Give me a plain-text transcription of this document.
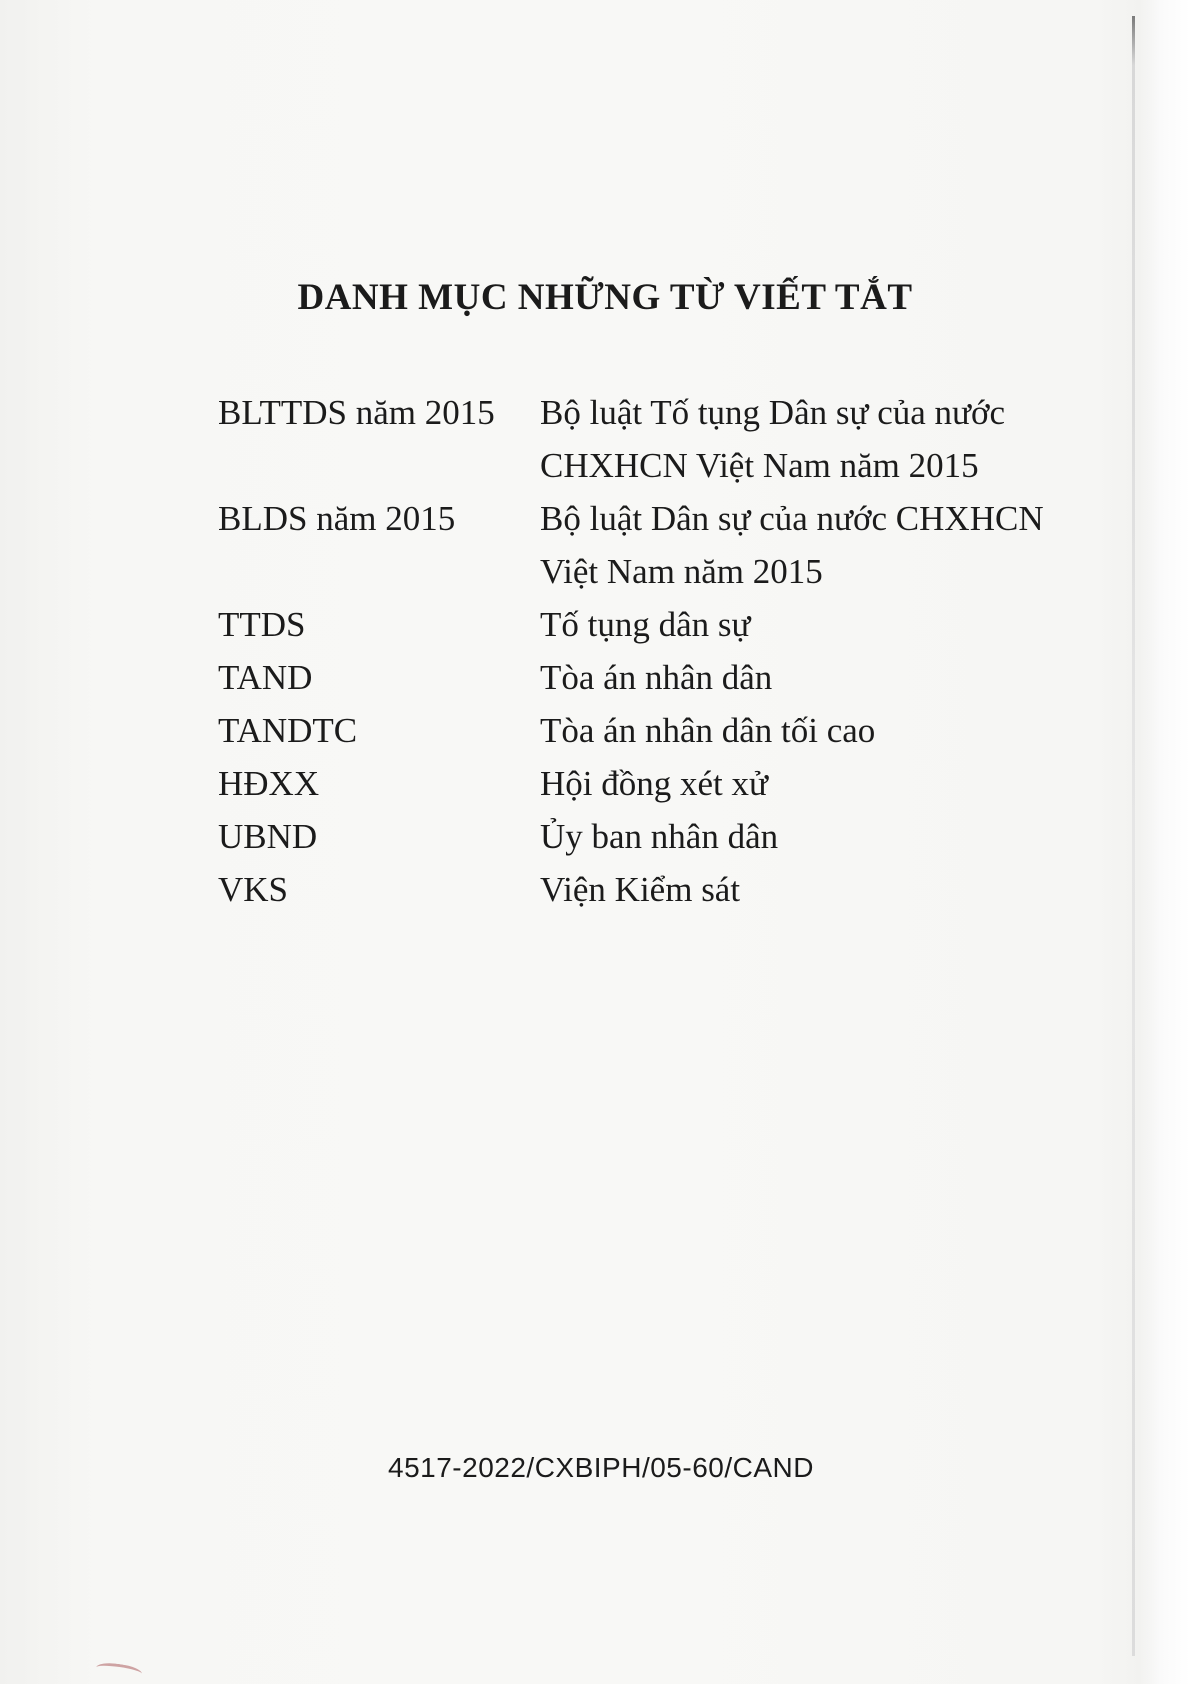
DANH MỤC NHỮNG TỪ VIẾT TẮT
BLTTDS năm 2015	Bộ luật Tố tụng Dân sự của nước
CHXHCN Việt Nam năm 2015
BLDS năm 2015	Bộ luật Dân sự của nước CHXHCN
Việt Nam năm 2015
TTDS	Tố tụng dân sự
TAND	Tòa án nhân dân
TANDTC	Tòa án nhân dân tối cao
HĐXX	Hội đồng xét xử
UBND	Ủy ban nhân dân
VKS	Viện Kiểm sát
4517-2022/CXBIPH/05-60/CAND
